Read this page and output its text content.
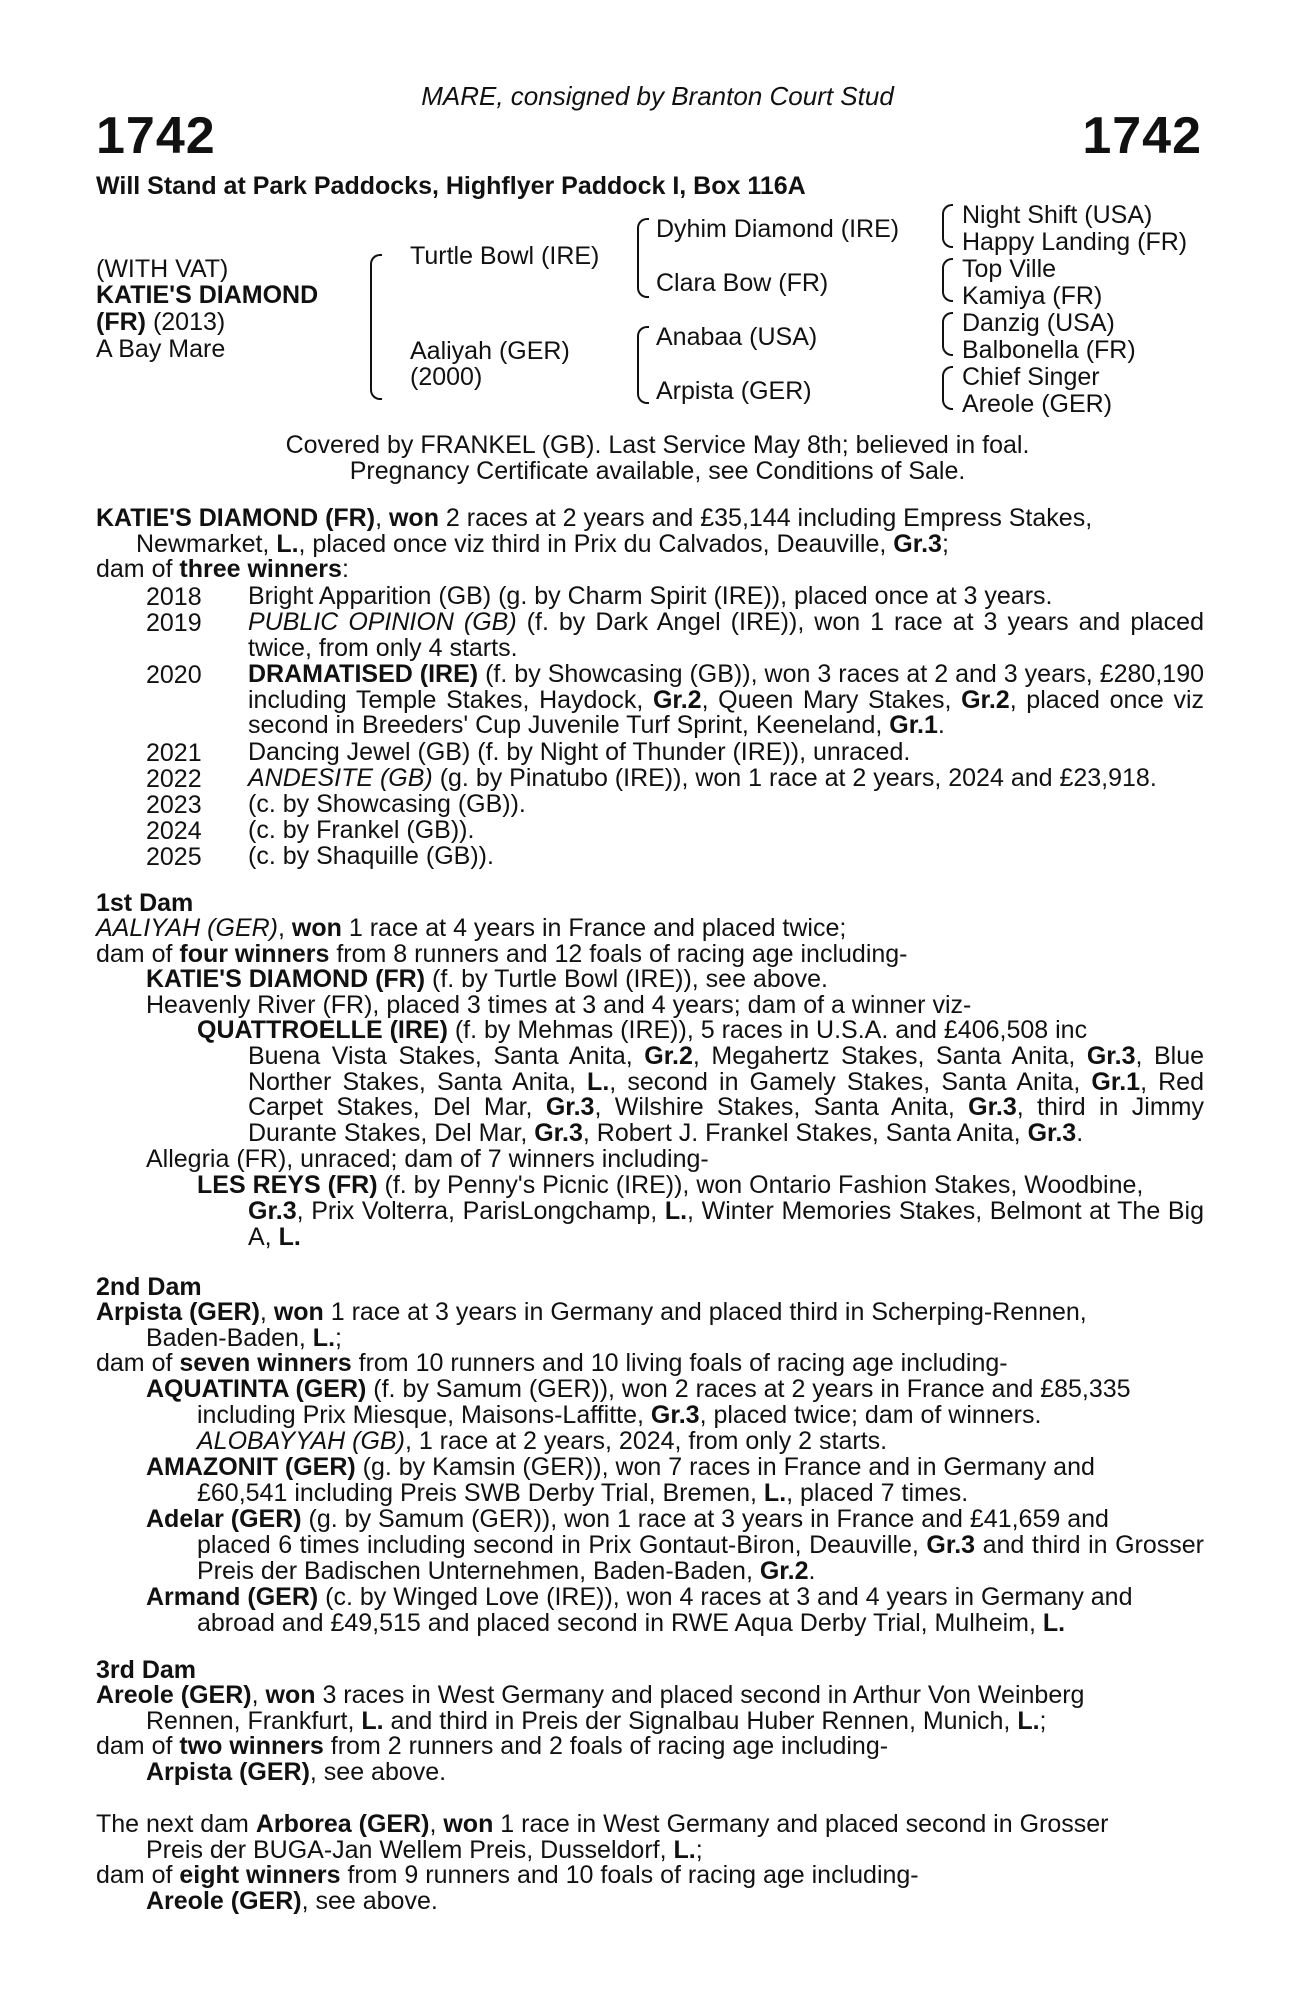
MARE, consigned by Branton Court Stud
1742	1742
Will Stand at Park Paddocks, Highflyer Paddock I, Box 116A
(WITH VAT)
KATIE'S DIAMOND
(FR) (2013)
A Bay Mare
Turtle Bowl (IRE)
Aaliyah (GER)
(2000)
Dyhim Diamond (IRE)
Clara Bow (FR)
Anabaa (USA)
Arpista (GER)
Night Shift (USA)
Happy Landing (FR)
Top Ville
Kamiya (FR)
Danzig (USA)
Balbonella (FR)
Chief Singer
Areole (GER)
Covered by FRANKEL (GB). Last Service May 8th; believed in foal.
Pregnancy Certificate available, see Conditions of Sale.

KATIE'S DIAMOND (FR), won 2 races at 2 years and £35,144 including Empress Stakes,
Newmarket, L., placed once viz third in Prix du Calvados, Deauville, Gr.3;
dam of three winners:

2018 Bright Apparition (GB) (g. by Charm Spirit (IRE)), placed once at 3 years.

2019 PUBLIC OPINION (GB) (f. by Dark Angel (IRE)), won 1 race at 3 years and placed twice, from only 4 starts.

2020 DRAMATISED (IRE) (f. by Showcasing (GB)), won 3 races at 2 and 3 years, £280,190 including Temple Stakes, Haydock, Gr.2, Queen Mary Stakes, Gr.2, placed once viz second in Breeders' Cup Juvenile Turf Sprint, Keeneland, Gr.1.

2021 Dancing Jewel (GB) (f. by Night of Thunder (IRE)), unraced.

2022 ANDESITE (GB) (g. by Pinatubo (IRE)), won 1 race at 2 years, 2024 and £23,918.

2023 (c. by Showcasing (GB)).

2024 (c. by Frankel (GB)).

2025 (c. by Shaquille (GB)).

1st Dam

AALIYAH (GER), won 1 race at 4 years in France and placed twice;
dam of four winners from 8 runners and 12 foals of racing age including-

KATIE'S DIAMOND (FR) (f. by Turtle Bowl (IRE)), see above.
Heavenly River (FR), placed 3 times at 3 and 4 years; dam of a winner viz-

QUATTROELLE (IRE) (f. by Mehmas (IRE)), 5 races in U.S.A. and £406,508 inc

Buena Vista Stakes, Santa Anita, Gr.2, Megahertz Stakes, Santa Anita, Gr.3, Blue Norther Stakes, Santa Anita, L., second in Gamely Stakes, Santa Anita, Gr.1, Red Carpet Stakes, Del Mar, Gr.3, Wilshire Stakes, Santa Anita, Gr.3, third in Jimmy Durante Stakes, Del Mar, Gr.3, Robert J. Frankel Stakes, Santa Anita, Gr.3.

Allegria (FR), unraced; dam of 7 winners including-

LES REYS (FR) (f. by Penny's Picnic (IRE)), won Ontario Fashion Stakes, Woodbine,

Gr.3, Prix Volterra, ParisLongchamp, L., Winter Memories Stakes, Belmont at The Big A, L.

2nd Dam

Arpista (GER), won 1 race at 3 years in Germany and placed third in Scherping-Rennen,
Baden-Baden, L.;
dam of seven winners from 10 runners and 10 living foals of racing age including-

AQUATINTA (GER) (f. by Samum (GER)), won 2 races at 2 years in France and £85,335

including Prix Miesque, Maisons-Laffitte, Gr.3, placed twice; dam of winners.
ALOBAYYAH (GB), 1 race at 2 years, 2024, from only 2 starts.

AMAZONIT (GER) (g. by Kamsin (GER)), won 7 races in France and in Germany and

£60,541 including Preis SWB Derby Trial, Bremen, L., placed 7 times.

Adelar (GER) (g. by Samum (GER)), won 1 race at 3 years in France and £41,659 and

placed 6 times including second in Prix Gontaut-Biron, Deauville, Gr.3 and third in Grosser Preis der Badischen Unternehmen, Baden-Baden, Gr.2.

Armand (GER) (c. by Winged Love (IRE)), won 4 races at 3 and 4 years in Germany and

abroad and £49,515 and placed second in RWE Aqua Derby Trial, Mulheim, L.

3rd Dam

Areole (GER), won 3 races in West Germany and placed second in Arthur Von Weinberg
Rennen, Frankfurt, L. and third in Preis der Signalbau Huber Rennen, Munich, L.;
dam of two winners from 2 runners and 2 foals of racing age including-

Arpista (GER), see above.

The next dam Arborea (GER), won 1 race in West Germany and placed second in Grosser
Preis der BUGA-Jan Wellem Preis, Dusseldorf, L.;
dam of eight winners from 9 runners and 10 foals of racing age including-

Areole (GER), see above.
